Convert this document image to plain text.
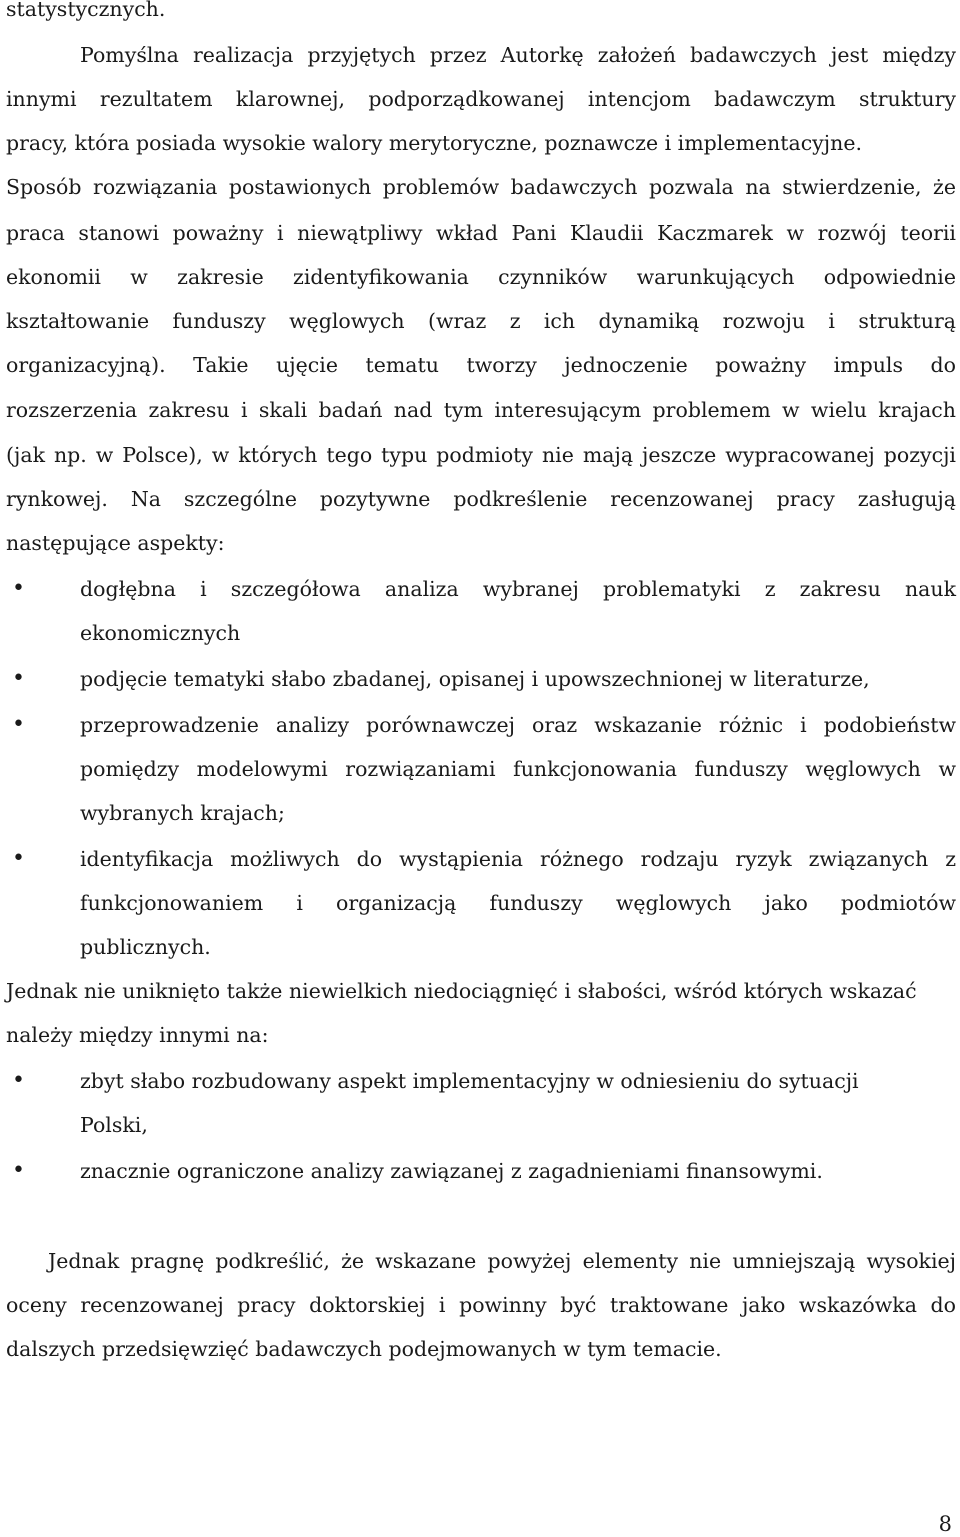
statystycznych.
Pomyślna realizacja przyjętych przez Autorkę założeń badawczych jest między
innymi rezultatem klarownej, podporządkowanej intencjom badawczym struktury
pracy, która posiada wysokie walory merytoryczne, poznawcze i implementacyjne.
Sposób rozwiązania postawionych problemów badawczych pozwala na stwierdzenie, że
praca stanowi poważny i niewątpliwy wkład Pani Klaudii Kaczmarek w rozwój teorii
ekonomii w zakresie zidentyfikowania czynników warunkujących odpowiednie
kształtowanie funduszy węglowych (wraz z ich dynamiką rozwoju i strukturą
organizacyjną). Takie ujęcie tematu tworzy jednoczenie poważny impuls do
rozszerzenia zakresu i skali badań nad tym interesującym problemem w wielu krajach
(jak np. w Polsce), w których tego typu podmioty nie mają jeszcze wypracowanej pozycji
rynkowej. Na szczególne pozytywne podkreślenie recenzowanej pracy zasługują
następujące aspekty:
•	dogłębna i szczegółowa analiza wybranej problematyki z zakresu nauk
ekonomicznych
•	podjęcie tematyki słabo zbadanej, opisanej i upowszechnionej w literaturze,
•	przeprowadzenie analizy porównawczej oraz wskazanie różnic i podobieństw
pomiędzy modelowymi rozwiązaniami funkcjonowania funduszy węglowych w
wybranych krajach;
•	identyfikacja możliwych do wystąpienia różnego rodzaju ryzyk związanych z
funkcjonowaniem i organizacją funduszy węglowych jako podmiotów
publicznych.
Jednak nie uniknięto także niewielkich niedociągnięć i słabości, wśród których wskazać
należy między innymi na:
•	zbyt słabo rozbudowany aspekt implementacyjny w odniesieniu do sytuacji
Polski,
•	znacznie ograniczone analizy zawiązanej z zagadnieniami finansowymi.
Jednak pragnę podkreślić, że wskazane powyżej elementy nie umniejszają wysokiej
oceny recenzowanej pracy doktorskiej i powinny być traktowane jako wskazówka do
dalszych przedsięwzięć badawczych podejmowanych w tym temacie.
8
